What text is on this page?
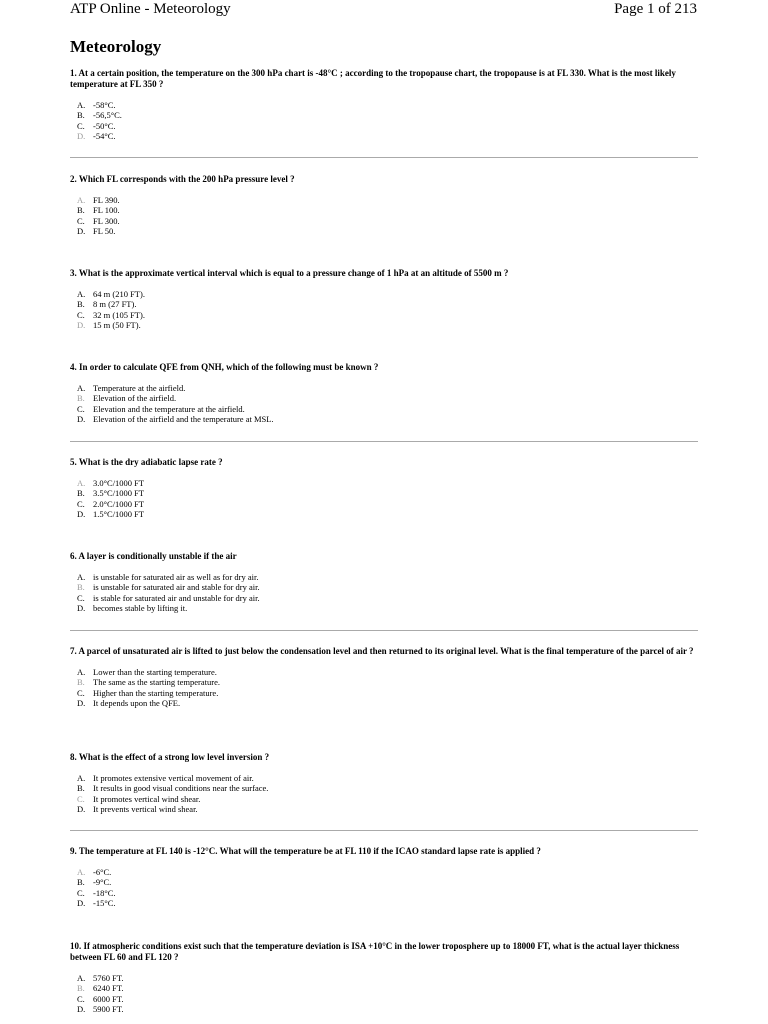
ATP Online - Meteorology	Page 1 of 213
Meteorology

1. At a certain position, the temperature on the 300 hPa chart is -48°C ; according to the tropopause chart, the tropopause is at FL 330. What is the most likely temperature at FL 350 ?

A. -58°C.
B. -56,5°C.
C. -50°C.
D. -54°C.

2. Which FL corresponds with the 200 hPa pressure level ?

A. FL 390.
B. FL 100.
C. FL 300.
D. FL 50.

3. What is the approximate vertical interval which is equal to a pressure change of 1 hPa at an altitude of 5500 m ?

A. 64 m (210 FT).
B. 8 m (27 FT).
C. 32 m (105 FT).
D. 15 m (50 FT).

4. In order to calculate QFE from QNH, which of the following must be known ?

A. Temperature at the airfield.
B. Elevation of the airfield.
C. Elevation and the temperature at the airfield.
D. Elevation of the airfield and the temperature at MSL.

5. What is the dry adiabatic lapse rate ?

A. 3.0°C/1000 FT
B. 3.5°C/1000 FT
C. 2.0°C/1000 FT
D. 1.5°C/1000 FT

6. A layer is conditionally unstable if the air

A. is unstable for saturated air as well as for dry air.
B. is unstable for saturated air and stable for dry air.
C. is stable for saturated air and unstable for dry air.
D. becomes stable by lifting it.

7. A parcel of unsaturated air is lifted to just below the condensation level and then returned to its original level. What is the final temperature of the parcel of air ?

A. Lower than the starting temperature.
B. The same as the starting temperature.
C. Higher than the starting temperature.
D. It depends upon the QFE.

8. What is the effect of a strong low level inversion ?

A. It promotes extensive vertical movement of air.
B. It results in good visual conditions near the surface.
C. It promotes vertical wind shear.
D. It prevents vertical wind shear.

9. The temperature at FL 140 is -12°C. What will the temperature be at FL 110 if the ICAO standard lapse rate is applied ?

A. -6°C.
B. -9°C.
C. -18°C.
D. -15°C.

10. If atmospheric conditions exist such that the temperature deviation is ISA +10°C in the lower troposphere up to 18000 FT, what is the actual layer thickness between FL 60 and FL 120 ?

A. 5760 FT.
B. 6240 FT.
C. 6000 FT.
D. 5900 FT.
